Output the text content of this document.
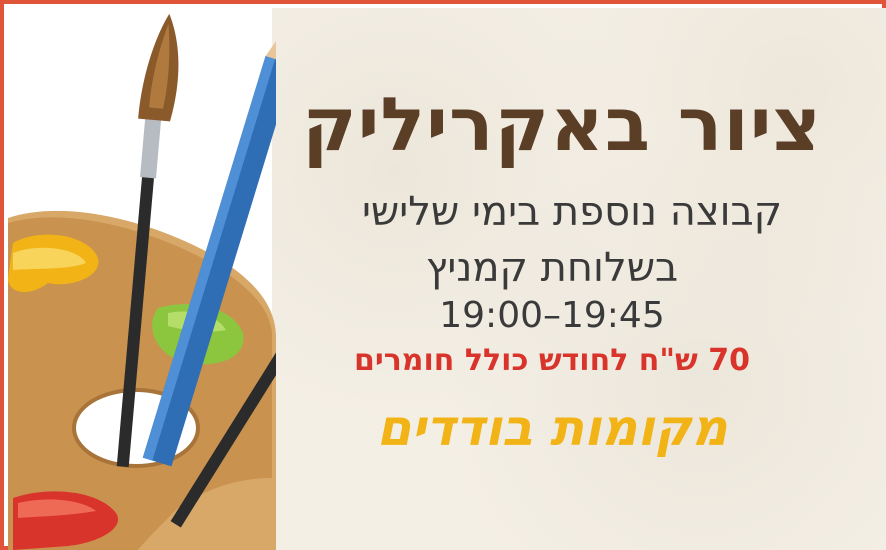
ציור באקריליק
קבוצה נוספת בימי שלישי
בשלוחת קמניץ
19:00–19:45
70 ש"ח לחודש כולל חומרים
מקומות בודדים
